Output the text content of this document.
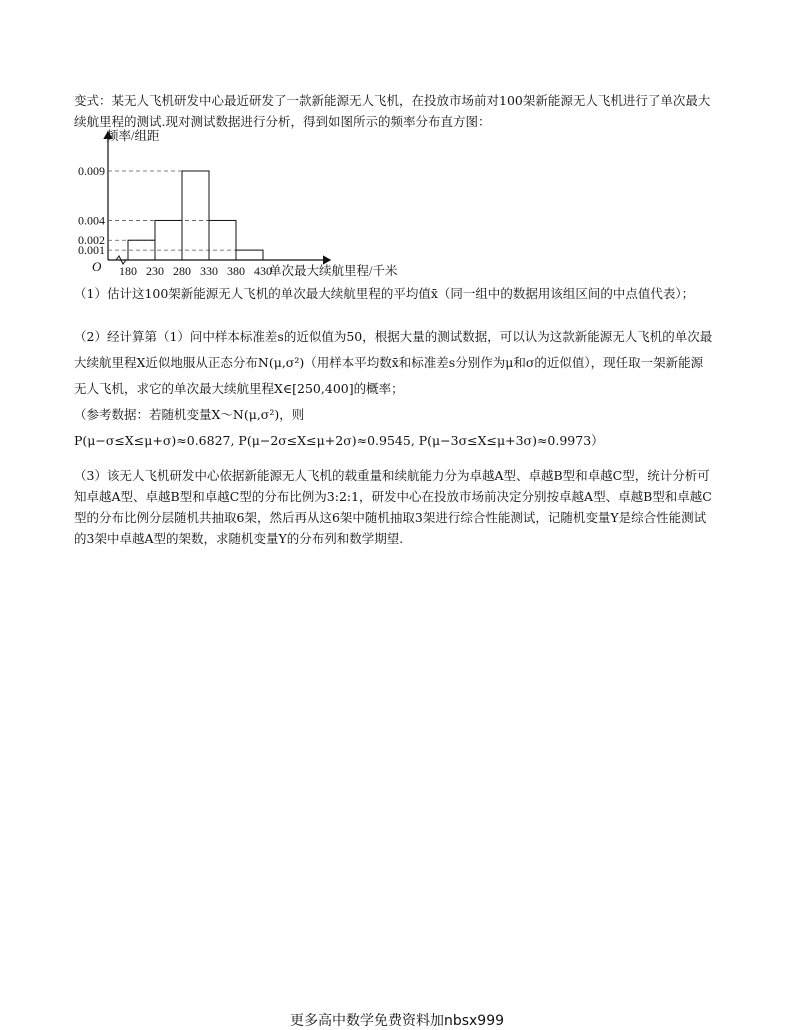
变式：某无人飞机研发中心最近研发了一款新能源无人飞机，在投放市场前对100架新能源无人飞机进行了单次最大续航里程的测试.现对测试数据进行分析，得到如图所示的频率分布直方图：
0.001
0.002
0.004
0.009
180 230 280 330 380 430
O
频率/组距
单次最大续航里程/千米
（1）估计这100架新能源无人飞机的单次最大续航里程的平均值x̄（同一组中的数据用该组区间的中点值代表）；
（2）经计算第（1）问中样本标准差s的近似值为50，根据大量的测试数据，可以认为这款新能源无人飞机的单次最大续航里程X近似地服从正态分布N(μ,σ²)（用样本平均数x̄和标准差s分别作为μ和σ的近似值），现任取一架新能源无人飞机，求它的单次最大续航里程X∈[250,400]的概率；
（参考数据：若随机变量X～N(μ,σ²)，则
P(μ−σ≤X≤μ+σ)≈0.6827, P(μ−2σ≤X≤μ+2σ)≈0.9545, P(μ−3σ≤X≤μ+3σ)≈0.9973）
（3）该无人飞机研发中心依据新能源无人飞机的载重量和续航能力分为卓越A型、卓越B型和卓越C型，统计分析可知卓越A型、卓越B型和卓越C型的分布比例为3:2:1，研发中心在投放市场前决定分别按卓越A型、卓越B型和卓越C型的分布比例分层随机共抽取6架，然后再从这6架中随机抽取3架进行综合性能测试，记随机变量Y是综合性能测试的3架中卓越A型的架数，求随机变量Y的分布列和数学期望.
更多高中数学免费资料加nbsx999
